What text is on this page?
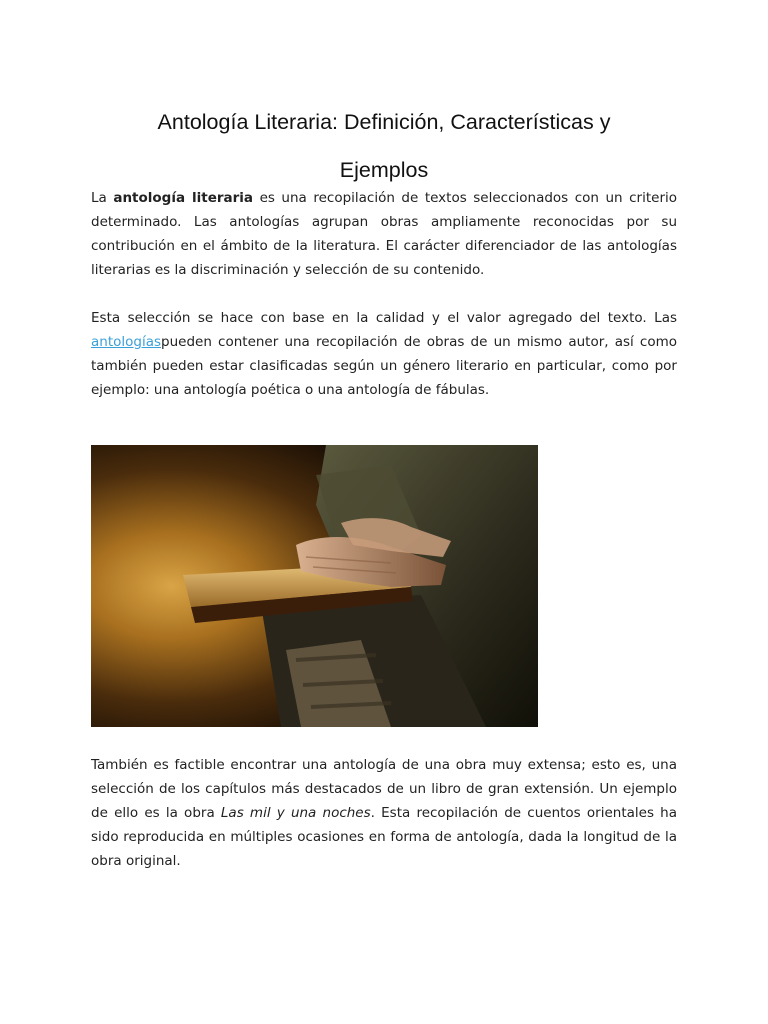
Antología Literaria: Definición, Características y
Ejemplos

La antología literaria es una recopilación de textos seleccionados con un criterio determinado. Las antologías agrupan obras ampliamente reconocidas por su contribución en el ámbito de la literatura. El carácter diferenciador de las antologías literarias es la discriminación y selección de su contenido.

Esta selección se hace con base en la calidad y el valor agregado del texto. Las antologíaspueden contener una recopilación de obras de un mismo autor, así como también pueden estar clasificadas según un género literario en particular, como por ejemplo: una antología poética o una antología de fábulas.

También es factible encontrar una antología de una obra muy extensa; esto es, una selección de los capítulos más destacados de un libro de gran extensión. Un ejemplo de ello es la obra Las mil y una noches. Esta recopilación de cuentos orientales ha sido reproducida en múltiples ocasiones en forma de antología, dada la longitud de la obra original.
